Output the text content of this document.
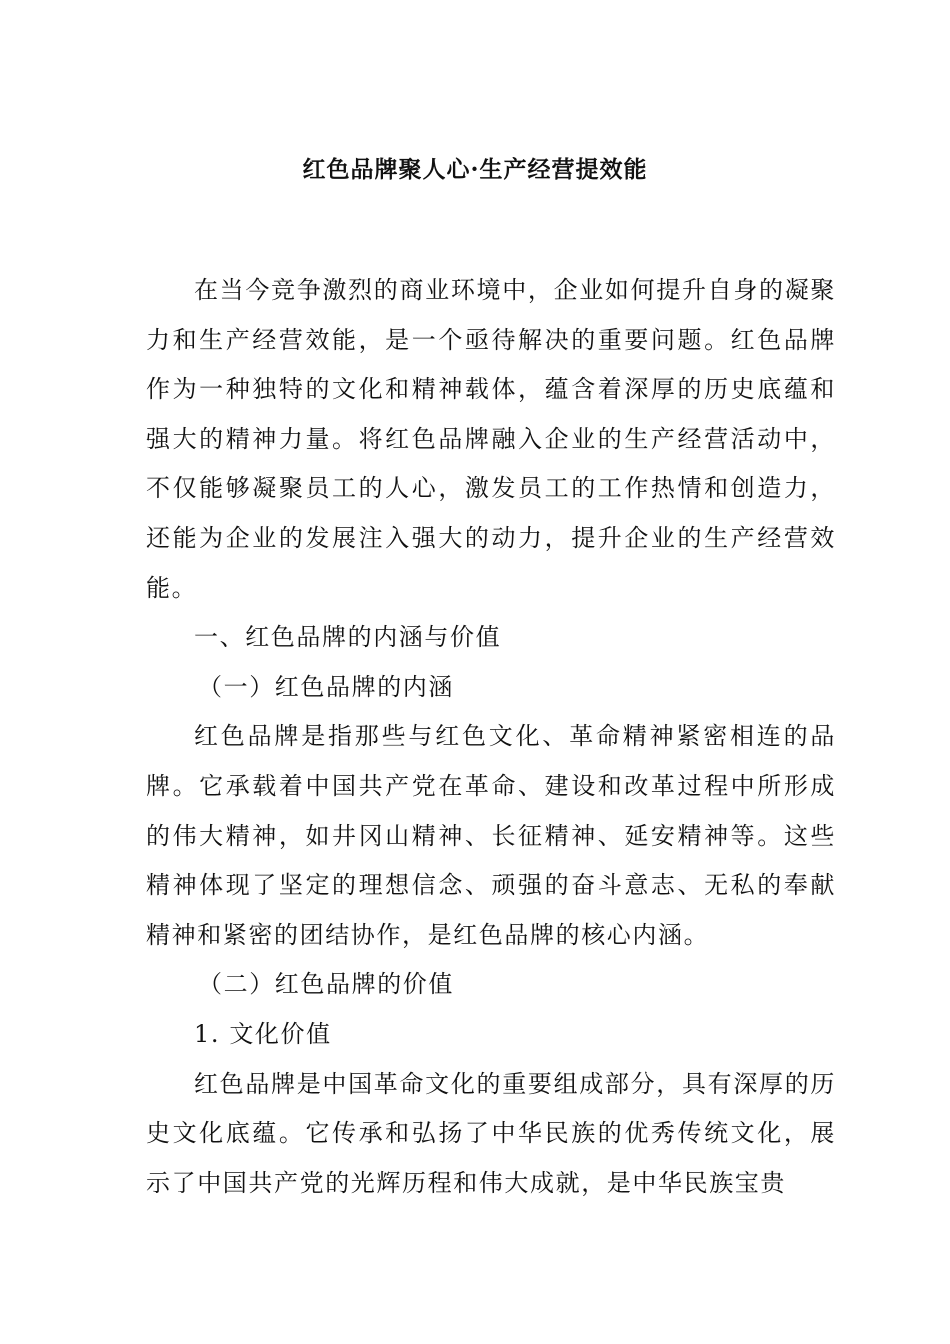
红色品牌聚人心·生产经营提效能

在当今竞争激烈的商业环境中，企业如何提升自身的凝聚力和生产经营效能，是一个亟待解决的重要问题。红色品牌作为一种独特的文化和精神载体，蕴含着深厚的历史底蕴和强大的精神力量。将红色品牌融入企业的生产经营活动中，不仅能够凝聚员工的人心，激发员工的工作热情和创造力，还能为企业的发展注入强大的动力，提升企业的生产经营效能。

一、红色品牌的内涵与价值

（一）红色品牌的内涵

红色品牌是指那些与红色文化、革命精神紧密相连的品牌。它承载着中国共产党在革命、建设和改革过程中所形成的伟大精神，如井冈山精神、长征精神、延安精神等。这些精神体现了坚定的理想信念、顽强的奋斗意志、无私的奉献精神和紧密的团结协作，是红色品牌的核心内涵。

（二）红色品牌的价值

1. 文化价值

红色品牌是中国革命文化的重要组成部分，具有深厚的历史文化底蕴。它传承和弘扬了中华民族的优秀传统文化，展示了中国共产党的光辉历程和伟大成就，是中华民族宝贵
